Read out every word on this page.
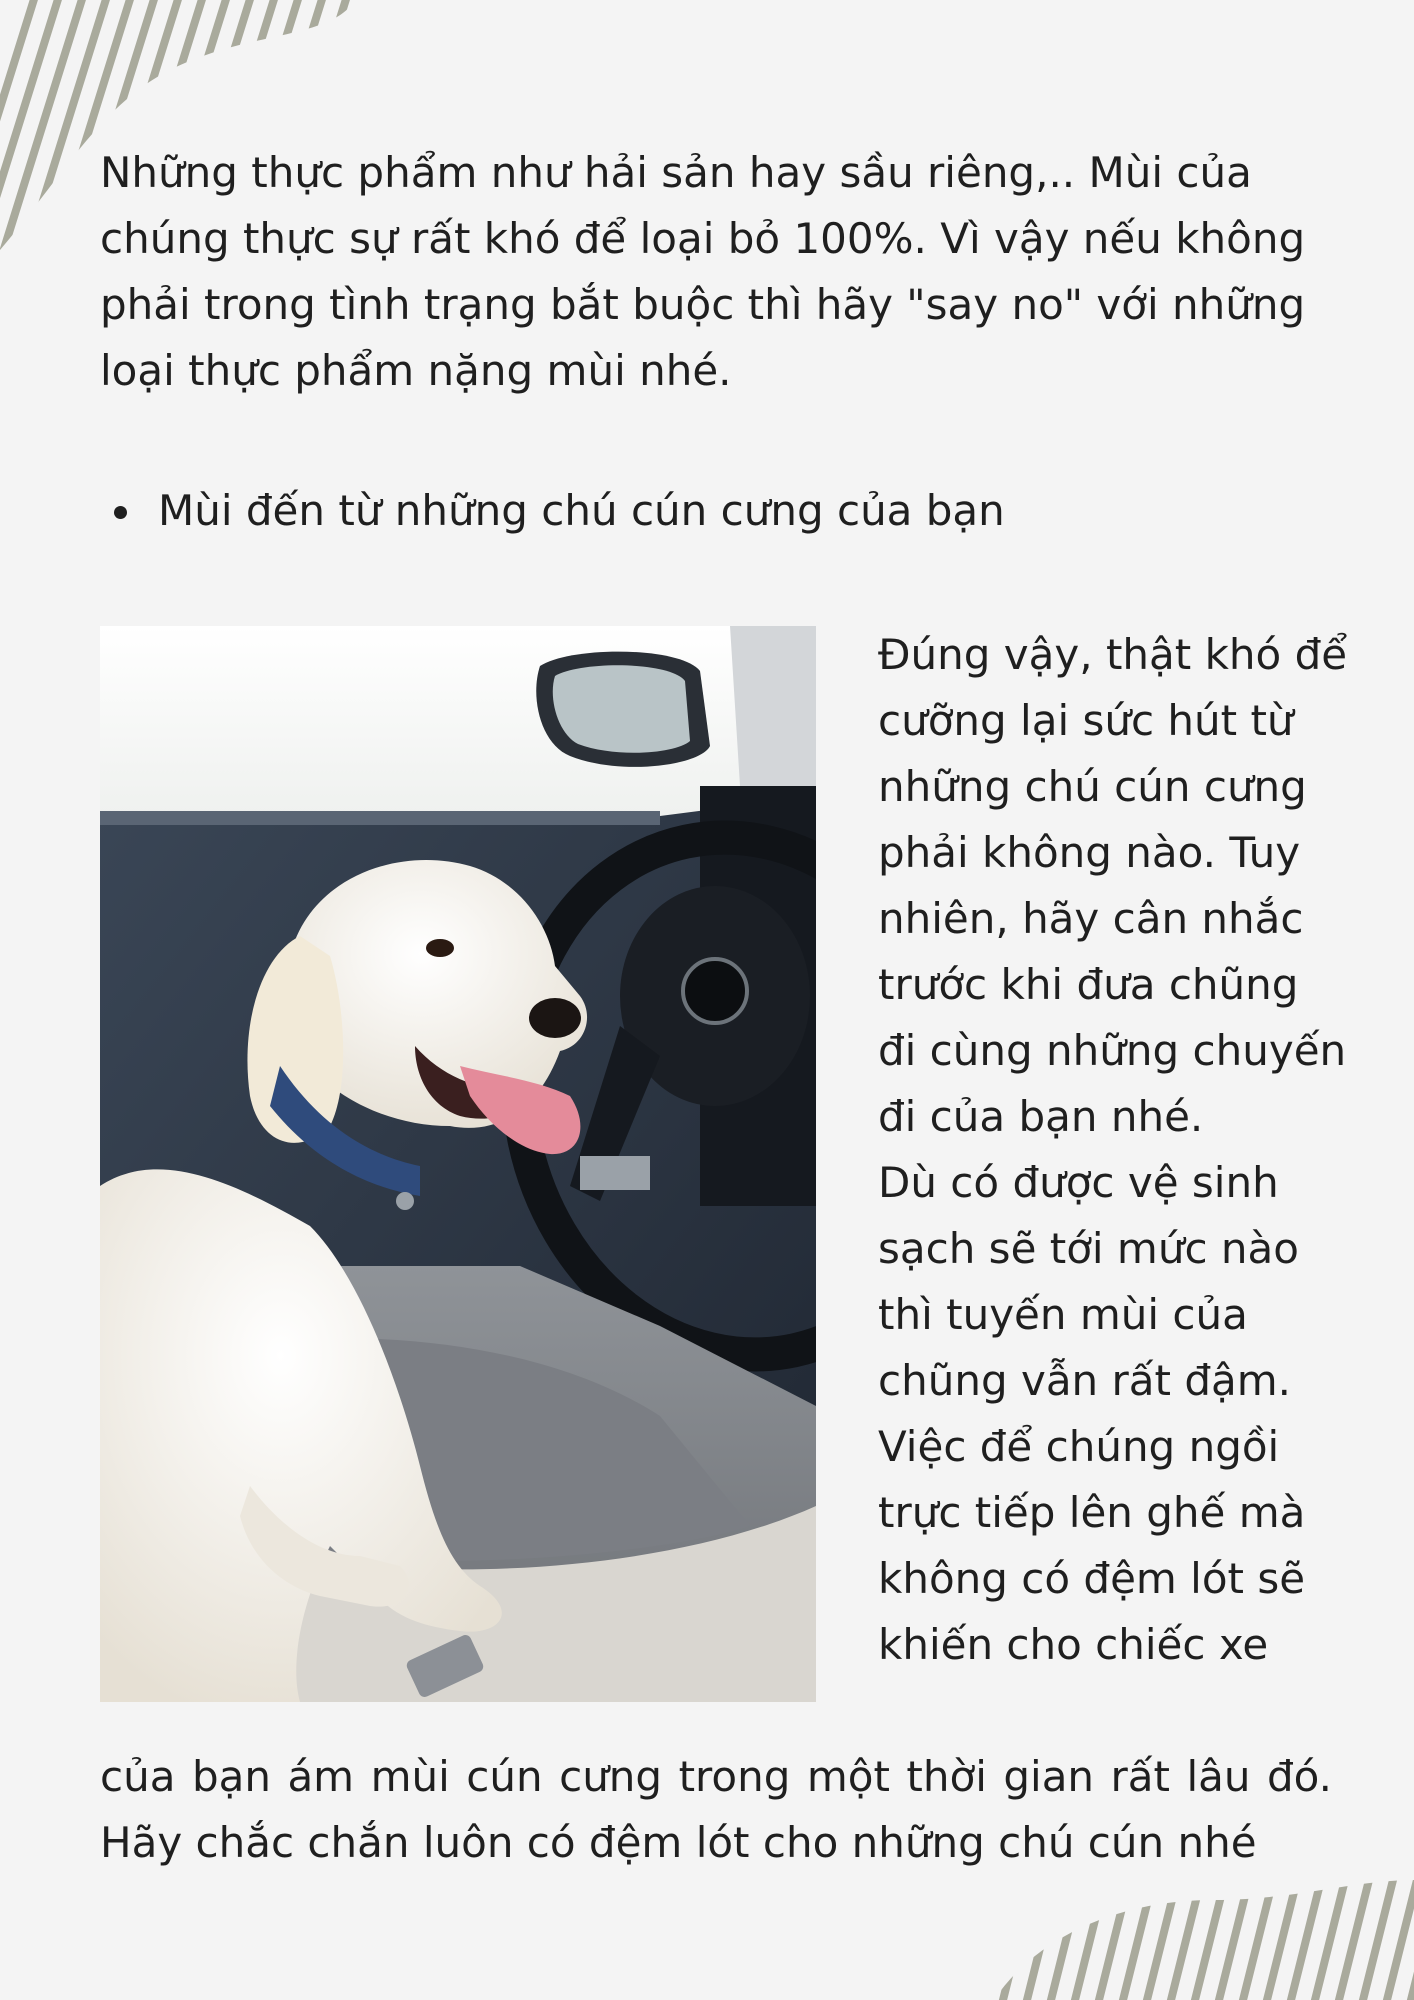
Những thực phẩm như hải sản hay sầu riêng,.. Mùi của chúng thực sự rất khó để loại bỏ 100%. Vì vậy nếu không phải trong tình trạng bắt buộc thì hãy "say no" với những loại thực phẩm nặng mùi nhé.

Mùi đến từ những chú cún cưng của bạn

Đúng vậy, thật khó để cưỡng lại sức hút từ những chú cún cưng phải không nào. Tuy nhiên, hãy cân nhắc trước khi đưa chũng đi cùng những chuyến đi của bạn nhé.
Dù có được vệ sinh sạch sẽ tới mức nào thì tuyến mùi của chũng vẫn rất đậm. Việc để chúng ngồi trực tiếp lên ghế mà không có đệm lót sẽ khiến cho chiếc xe

của bạn ám mùi cún cưng trong một thời gian rất lâu đó.
Hãy chắc chắn luôn có đệm lót cho những chú cún nhé
